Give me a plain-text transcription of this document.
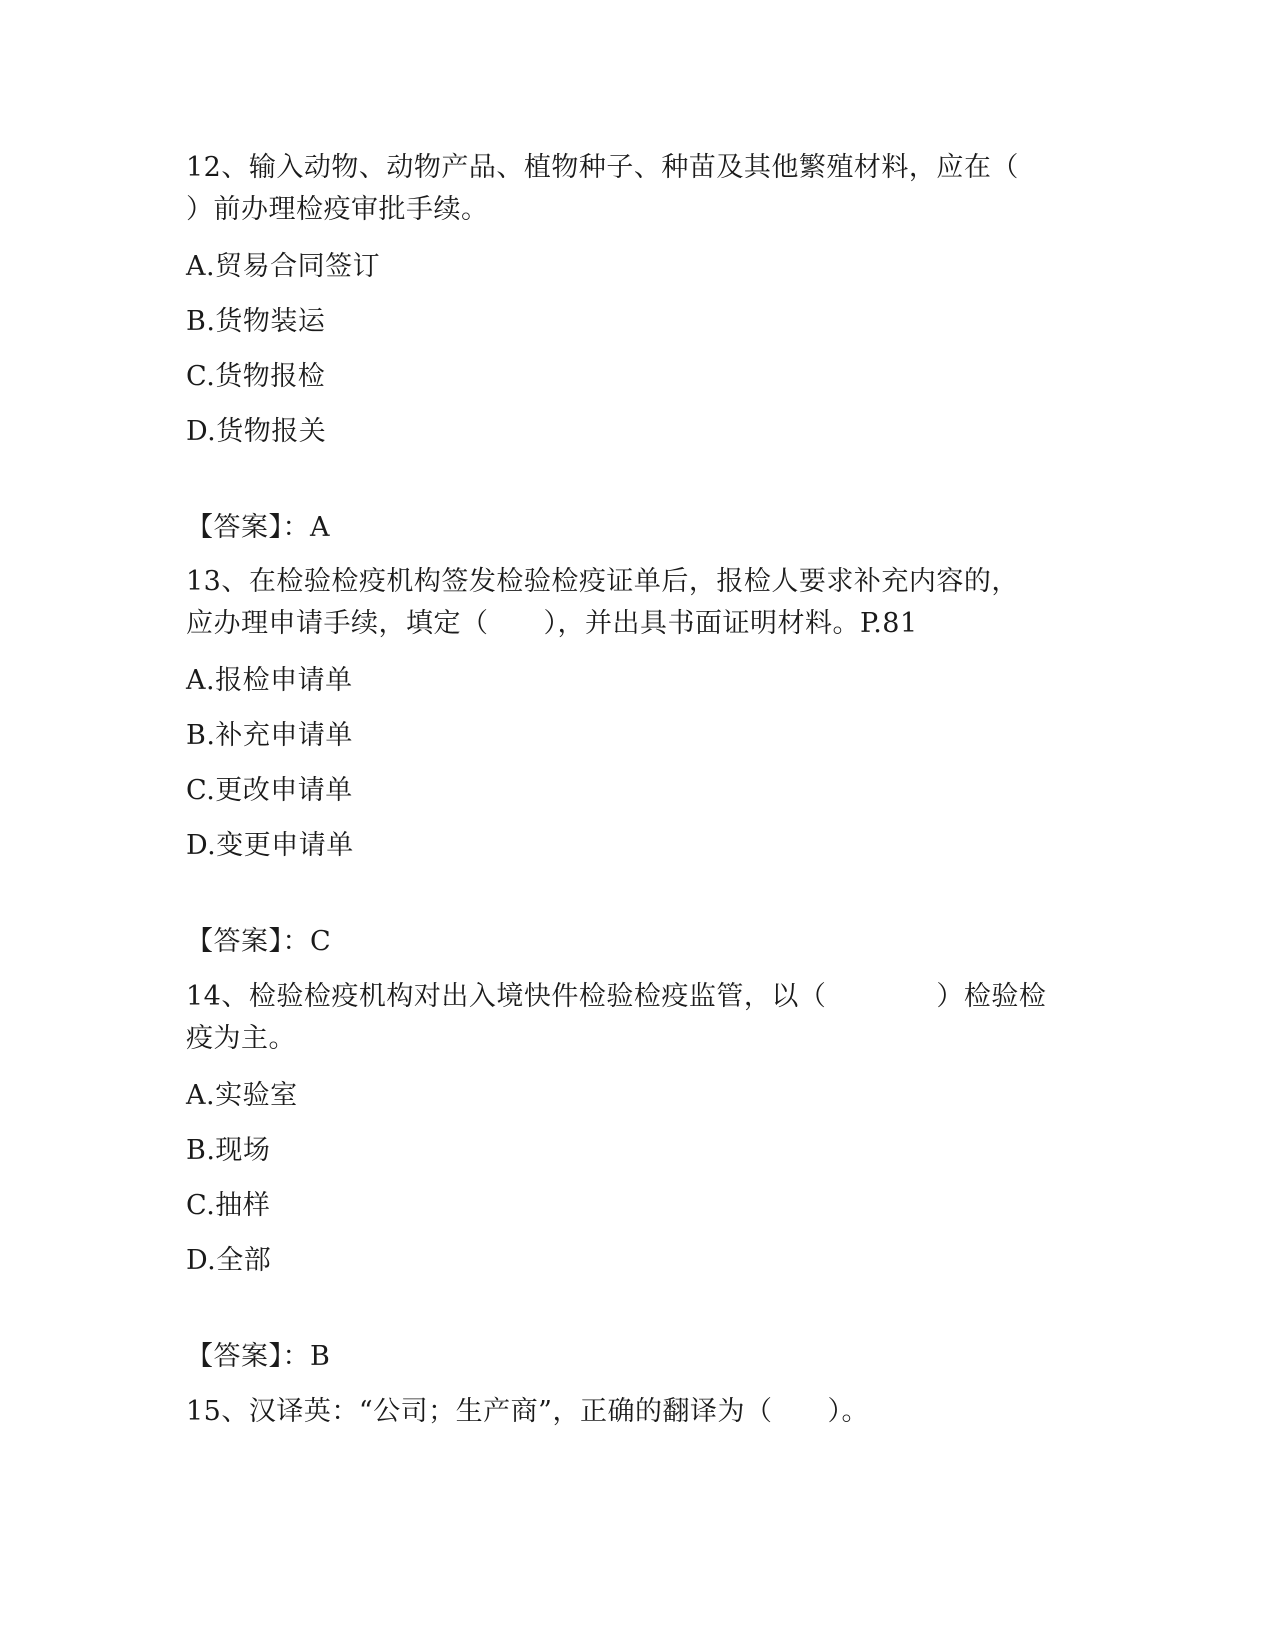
12、输入动物、动物产品、植物种子、种苗及其他繁殖材料，应在（
）前办理检疫审批手续。
A.贸易合同签订
B.货物装运
C.货物报检
D.货物报关
【答案】：A
13、在检验检疫机构签发检验检疫证单后，报检人要求补充内容的，
应办理申请手续，填定（　　），并出具书面证明材料。P.81
A.报检申请单
B.补充申请单
C.更改申请单
D.变更申请单
【答案】：C
14、检验检疫机构对出入境快件检验检疫监管，以（　　　　）检验检
疫为主。
A.实验室
B.现场
C.抽样
D.全部
【答案】：B
15、汉译英：“公司；生产商”，正确的翻译为（　　）。
